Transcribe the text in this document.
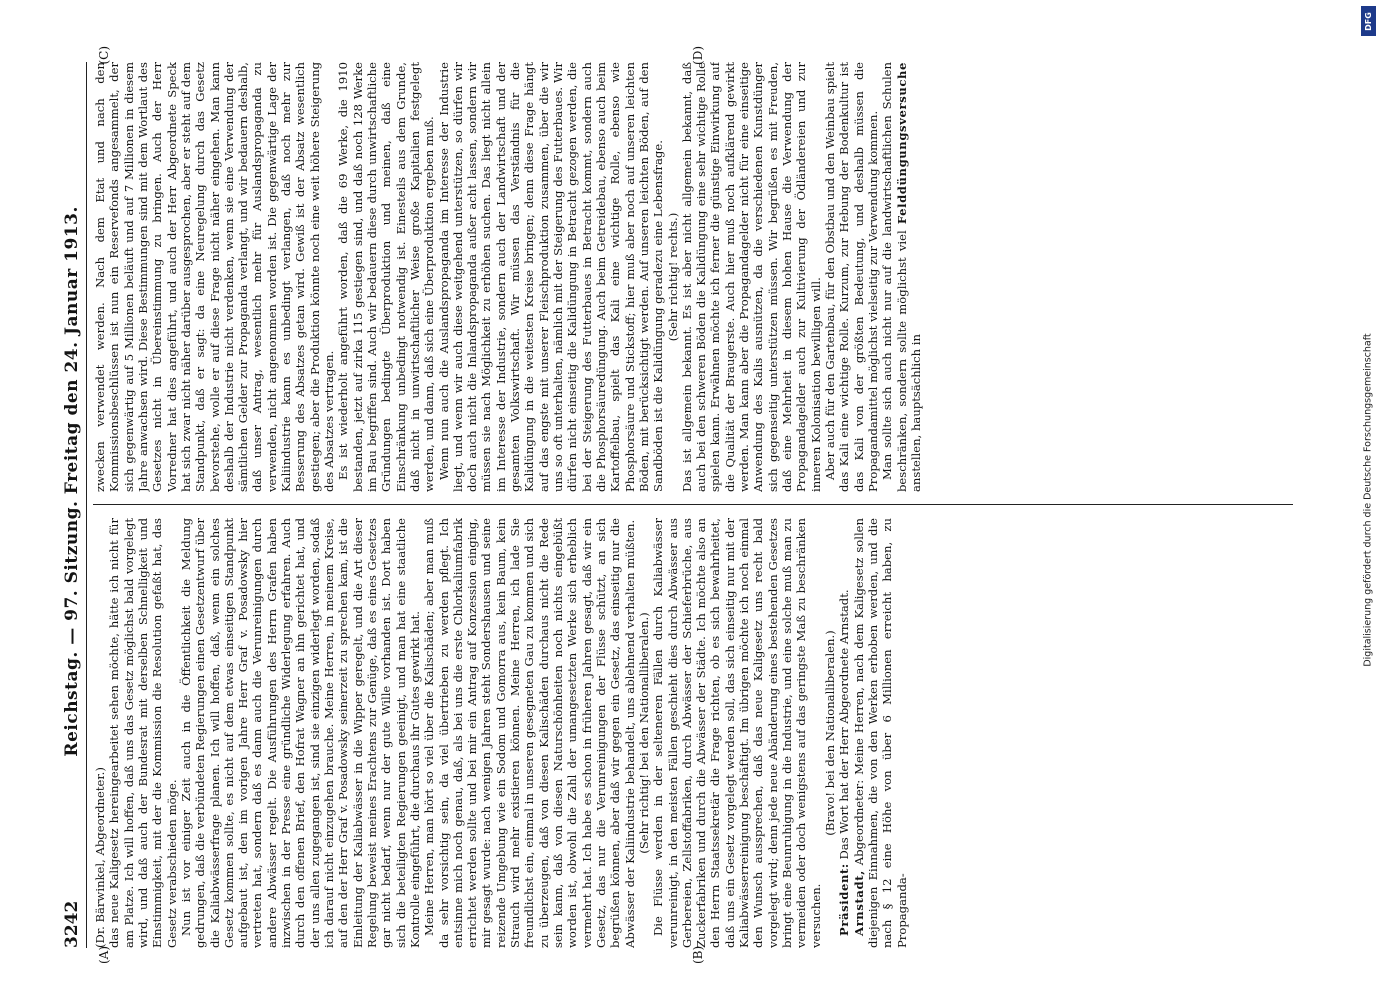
3242
Reichstag. — 97. Sitzung. Freitag den 24. Januar 1913.
(A)	(B)
(C)	(D)

(Dr. Bärwinkel, Abgeordneter.) das neue Kaligesetz hereingearbeitet sehen möchte, hätte ich nicht für am Platze. Ich will hoffen, daß uns das Gesetz möglichst bald vorgelegt wird, und daß auch der Bundesrat mit derselben Schnelligkeit und Einstimmigkeit, mit der die Kommission die Resolution gefaßt hat, das Gesetz verabschieden möge. Nun ist vor einiger Zeit auch in die Öffentlichkeit die Meldung gedrungen, daß die verbündeten Regierungen einen Gesetzentwurf über die Kaliabwässerfrage planen. Ich will hoffen, daß, wenn ein solches Gesetz kommen sollte, es nicht auf dem etwas einseitigen Standpunkt aufgebaut ist, den im vorigen Jahre Herr Graf v. Posadowsky hier vertreten hat, sondern daß es dann auch die Verunreinigungen durch andere Abwässer regelt. Die Ausführungen des Herrn Grafen haben inzwischen in der Presse eine gründliche Widerlegung erfahren. Auch durch den offenen Brief, den Hofrat Wagner an ihn gerichtet hat, und der uns allen zugegangen ist, sind sie einzigen widerlegt worden, sodaß ich darauf nicht einzugehen brauche. Meine Herren, in meinem Kreise, auf den der Herr Graf v. Posadowsky seinerzeit zu sprechen kam, ist die Einleitung der Kaliabwässer in die Wipper geregelt, und die Art dieser Regelung beweist meines Erachtens zur Genüge, daß es eines Gesetzes gar nicht bedarf, wenn nur der gute Wille vorhanden ist. Dort haben sich die beteiligten Regierungen geeinigt, und man hat eine staatliche Kontrolle eingeführt, die durchaus ihr Gutes gewirkt hat. Meine Herren, man hört so viel über die Kalischäden; aber man muß da sehr vorsichtig sein, da viel übertrieben zu werden pflegt. Ich entsinne mich noch genau, daß, als bei uns die erste Chlorkaliumfabrik errichtet werden sollte und bei mir ein Antrag auf Konzession einging, mir gesagt wurde: nach wenigen Jahren steht Sondershausen und seine reizende Umgebung wie ein Sodom und Gomorra aus, kein Baum, kein Strauch wird mehr existieren können. Meine Herren, ich lade Sie freundlichst ein, einmal in unseren gesegneten Gau zu kommen und sich zu überzeugen, daß von diesen Kalischäden durchaus nicht die Rede sein kann, daß von diesen Naturschönheiten noch nichts eingebüßt worden ist, obwohl die Zahl der umangesetzten Werke sich erheblich vermehrt hat. Ich habe es schon in früheren Jahren gesagt, daß wir ein Gesetz, das nur die Verunreinigungen der Flüsse schützt, an sich begrüßen können, aber daß wir gegen ein Gesetz, das einseitig nur die Abwässer der Kaliindustrie behandelt, uns ablehnend verhalten müßten. (Sehr richtig! bei den Nationalliberalen.) Die Flüsse werden in der selteneren Fällen durch Kaliabwässer verunreinigt, in den meisten Fällen geschieht dies durch Abwässer aus Gerbereien, Zellstoffabriken, durch Abwässer der Schieferbrüche, aus Zuckerfabriken und durch die Abwässer der Städte. Ich möchte also an den Herrn Staatssekretär die Frage richten, ob es sich bewahrheitet, daß uns ein Gesetz vorgelegt werden soll, das sich einseitig nur mit der Kaliabwässerreinigung beschäftigt. Im übrigen möchte ich noch einmal den Wunsch aussprechen, daß das neue Kaligesetz uns recht bald vorgelegt wird; denn jede neue Abänderung eines bestehenden Gesetzes bringt eine Beunruhigung in die Industrie, und eine solche muß man zu vermeiden oder doch wenigstens auf das geringste Maß zu beschränken versuchen.

(Bravo! bei den Nationalliberalen.)

Präsident: Das Wort hat der Herr Abgeordnete Arnstadt.

Arnstadt, Abgeordneter: Meine Herren, nach dem Kaligesetz sollen diejenigen Einnahmen, die von den Werken erhoben werden, und die nach § 12 eine Höhe von über 6 Millionen erreicht haben, zu Propaganda-

zwecken verwendet werden. Nach dem Etat und nach den Kommissionsbeschlüssen ist nun ein Reservefonds angesammelt, der sich gegenwärtig auf 5 Millionen beläuft und auf 7 Millionen in diesem Jahre anwachsen wird. Diese Bestimmungen sind mit dem Wortlaut des Gesetzes nicht in Übereinstimmung zu bringen. Auch der Herr Vorredner hat dies angeführt, und auch der Herr Abgeordnete Speck hat sich zwar nicht näher darüber ausgesprochen, aber er steht auf dem Standpunkt, daß er sagt: da eine Neuregelung durch das Gesetz bevorstehe, wolle er auf diese Frage nicht näher eingehen. Man kann deshalb der Industrie nicht verdenken, wenn sie eine Verwendung der sämtlichen Gelder zur Propaganda verlangt, und wir bedauern deshalb, daß unser Antrag, wesentlich mehr für Auslandspropaganda zu verwenden, nicht angenommen worden ist. Die gegenwärtige Lage der Kaliindustrie kann es unbedingt verlangen, daß noch mehr zur Besserung des Absatzes getan wird. Gewiß ist der Absatz wesentlich gestiegen; aber die Produktion könnte noch eine weit höhere Steigerung des Absatzes vertragen. Es ist wiederholt angeführt worden, daß die 69 Werke, die 1910 bestanden, jetzt auf zirka 115 gestiegen sind, und daß noch 128 Werke im Bau begriffen sind. Auch wir bedauern diese durch unwirtschaftliche Gründungen bedingte Überproduktion und meinen, daß eine Einschränkung unbedingt notwendig ist. Einesteils aus dem Grunde, daß nicht in unwirtschaftlicher Weise große Kapitalien festgelegt werden, und dann, daß sich eine Überproduktion ergeben muß. Wenn nun auch die Auslandspropaganda im Interesse der Industrie liegt, und wenn wir auch diese weitgehend unterstützen, so dürfen wir doch auch nicht die Inlandspropaganda außer acht lassen, sondern wir müssen sie nach Möglichkeit zu erhöhen suchen. Das liegt nicht allein im Interesse der Industrie, sondern auch der Landwirtschaft und der gesamten Volkswirtschaft. Wir müssen das Verständnis für die Kalidüngung in die weitesten Kreise bringen; denn diese Frage hängt auf das engste mit unserer Fleischproduktion zusammen, über die wir uns so oft unterhalten, nämlich mit der Steigerung des Futterbaues. Wir dürfen nicht einseitig die Kalidüngung in Betracht gezogen werden, die bei der Steigerung des Futterbaues in Betracht kommt, sondern auch die Phosphorsäuredüngung. Auch beim Getreidebau, ebenso auch beim Kartoffelbau, spielt das Kali eine wichtige Rolle, ebenso wie Phosphorsäure und Stickstoff; hier muß aber noch auf unseren leichten Böden, mit berücksichtigt werden. Auf unseren leichten Böden, auf den Sandböden ist die Kalidüngung geradezu eine Lebensfrage. (Sehr richtig! rechts.) Das ist allgemein bekannt. Es ist aber nicht allgemein bekannt, daß auch bei den schweren Böden die Kalidüngung eine sehr wichtige Rolle spielen kann. Erwähnen möchte ich ferner die günstige Einwirkung auf die Qualität der Braugerste. Auch hier muß noch aufklärend gewirkt werden. Man kann aber die Propagandagelder nicht für eine einseitige Anwendung des Kalis ausnützen, da die verschiedenen Kunstdünger sich gegenseitig unterstützen müssen. Wir begrüßen es mit Freuden, daß eine Mehrheit in diesem hohen Hause die Verwendung der Propagandagelder auch zur Kultivierung der Ödländereien und zur inneren Kolonisation bewilligen will. Aber auch für den Gartenbau, für den Obstbau und den Weinbau spielt das Kali eine wichtige Rolle. Kurzum, zur Hebung der Bodenkultur ist das Kali von der größten Bedeutung, und deshalb müssen die Propagandamittel möglichst vielseitig zur Verwendung kommen. Man sollte sich auch nicht nur auf die landwirtschaftlichen Schulen beschränken, sondern sollte möglichst viel Felddüngungsversuche anstellen, hauptsächlich in

DFG
Digitalisierung gefördert durch die Deutsche Forschungsgemeinschaft
